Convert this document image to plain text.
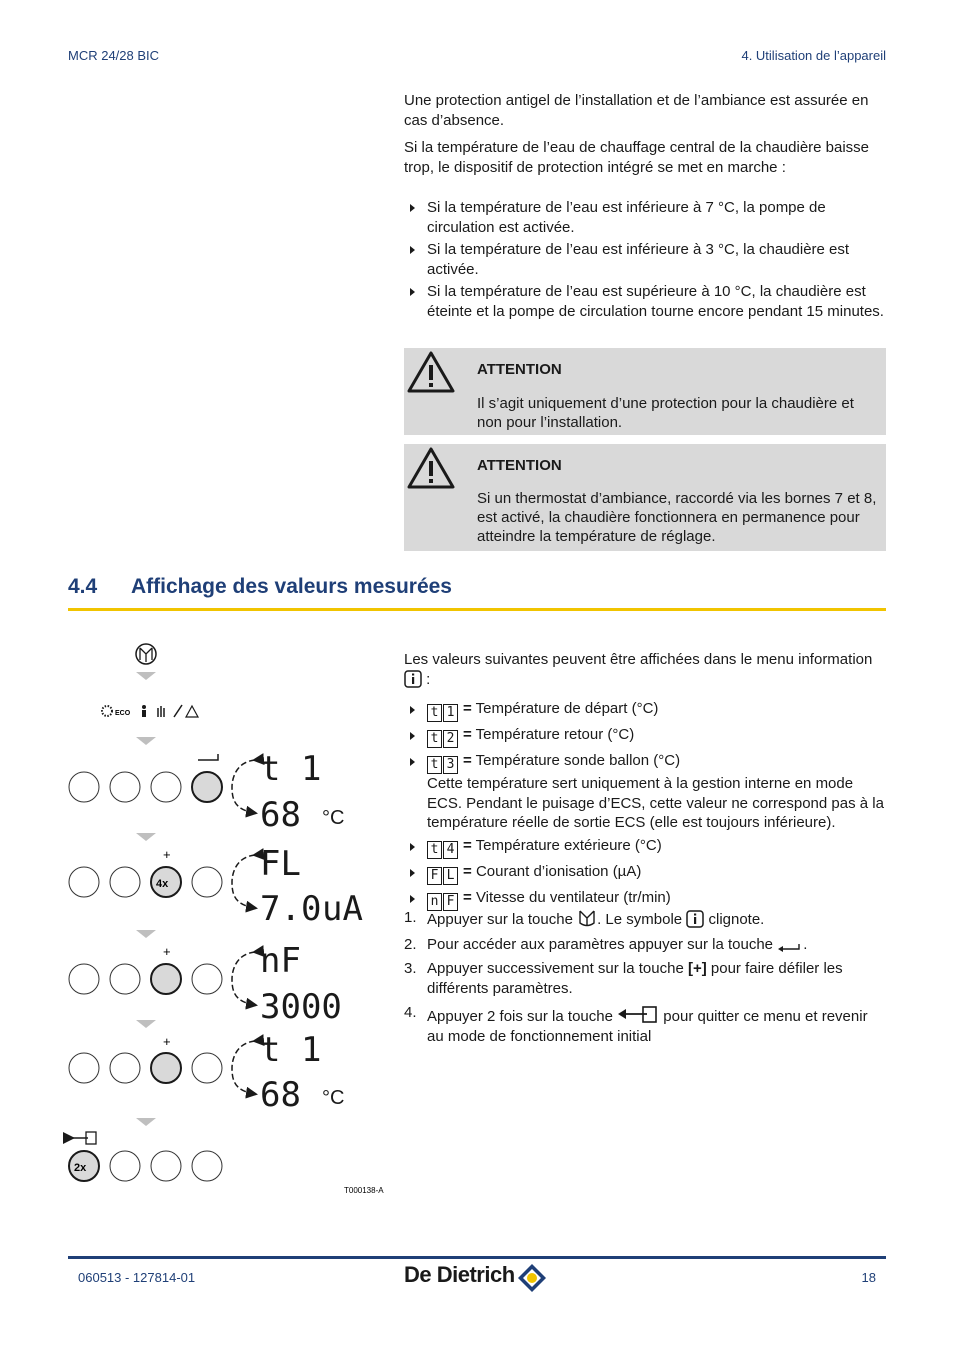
MCR 24/28 BIC	4. Utilisation de l’appareil

Une protection antigel de l’installation et de l’ambiance est assurée en cas d’absence.

Si la température de l’eau de chauffage central de la chaudière baisse trop, le dispositif de protection intégré se met en marche :

Si la température de l’eau est inférieure à 7 °C, la pompe de circulation est activée.
Si la température de l’eau est inférieure à 3 °C, la chaudière est activée.
Si la température de l’eau est supérieure à 10 °C, la chaudière est éteinte et la pompe de circulation tourne encore pendant 15 minutes.
ATTENTION
Il s’agit uniquement d’une protection pour la chaudière et non pour l’installation.
ATTENTION
Si un thermostat d’ambiance, raccordé via les bornes 7 et 8, est activé, la chaudière fonctionnera en permanence pour atteindre la température de réglage.
4.4 Affichage des valeurs mesurées
ECO
t 1
68 °C
+
4x	FL
7.0 uA
+	nF
3000
+	t 1
68 °C
2x
T000138-A
Les valeurs suivantes peuvent être affichées dans le menu information  :
t 1 = Température de départ (°C)
t 2 = Température retour (°C)
t 3 = Température sonde ballon (°C)
Cette température sert uniquement à la gestion interne en mode ECS. Pendant le puisage d’ECS, cette valeur ne correspond pas à la température réelle de sortie ECS (elle est toujours inférieure).
t 4 = Température extérieure (°C)
F L = Courant d’ionisation (µA)
n F = Vitesse du ventilateur (tr/min)
1. Appuyer sur la touche . Le symbole clignote.
2. Pour accéder aux paramètres appuyer sur la touche .
3. Appuyer successivement sur la touche [+] pour faire défiler les différents paramètres.
4. Appuyer 2 fois sur la touche	pour quitter ce menu et revenir au mode de fonctionnement initial
060513 - 127814-01	De Dietrich	18
